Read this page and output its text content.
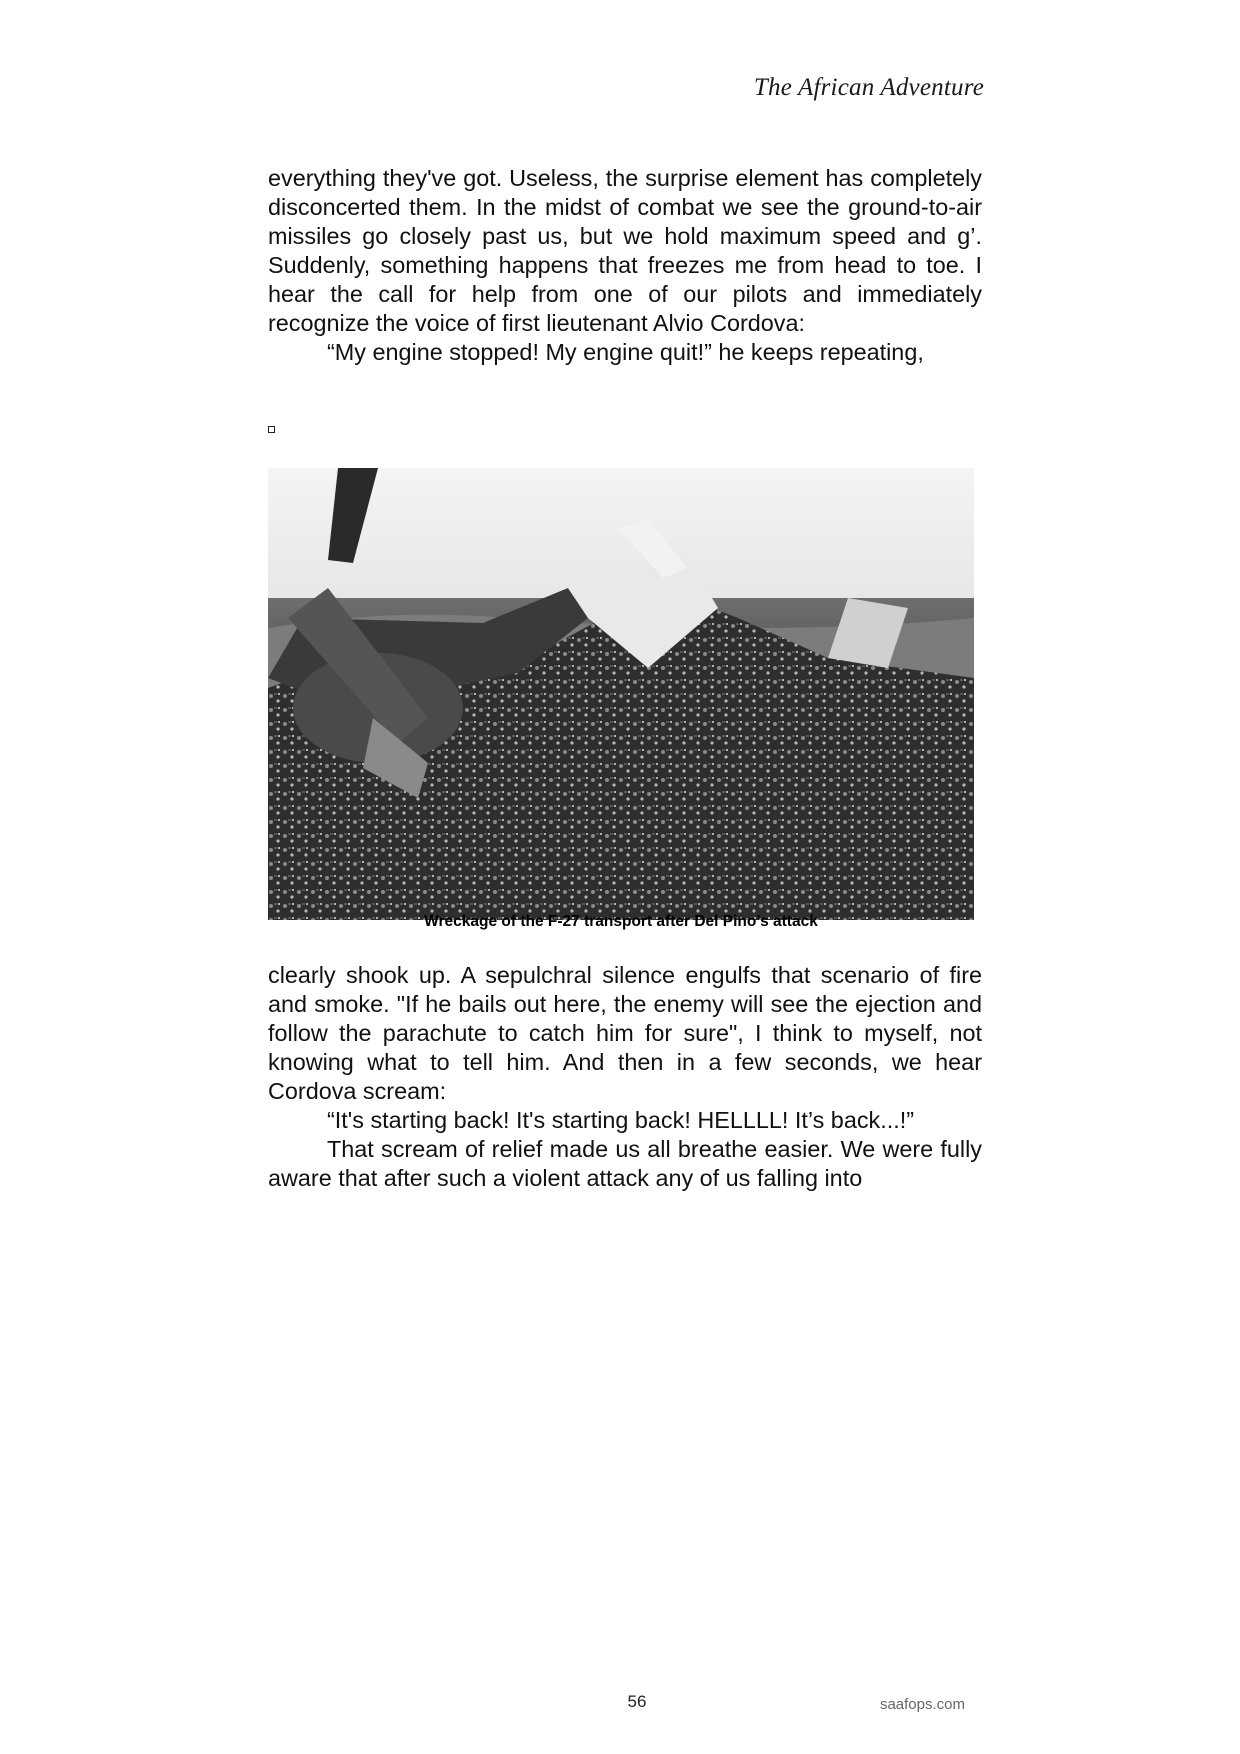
The African Adventure

everything they've got. Useless, the surprise element has completely disconcerted them. In the midst of combat we see the ground-to-air missiles go closely past us, but we hold maximum speed and g’. Suddenly, something happens that freezes me from head to toe. I hear the call for help from one of our pilots and immediately recognize the voice of first lieutenant Alvio Cordova:

“My engine stopped! My engine quit!” he keeps repeating,

Wreckage of the F-27 transport after Del Pino’s attack

clearly shook up. A sepulchral silence engulfs that scenario of fire and smoke. "If he bails out here, the enemy will see the ejection and follow the parachute to catch him for sure", I think to myself, not knowing what to tell him. And then in a few seconds, we hear Cordova scream:

“It's starting back! It's starting back! HELLLL! It’s back...!”

That scream of relief made us all breathe easier. We were fully aware that after such a violent attack any of us falling into

56	saafops.com
